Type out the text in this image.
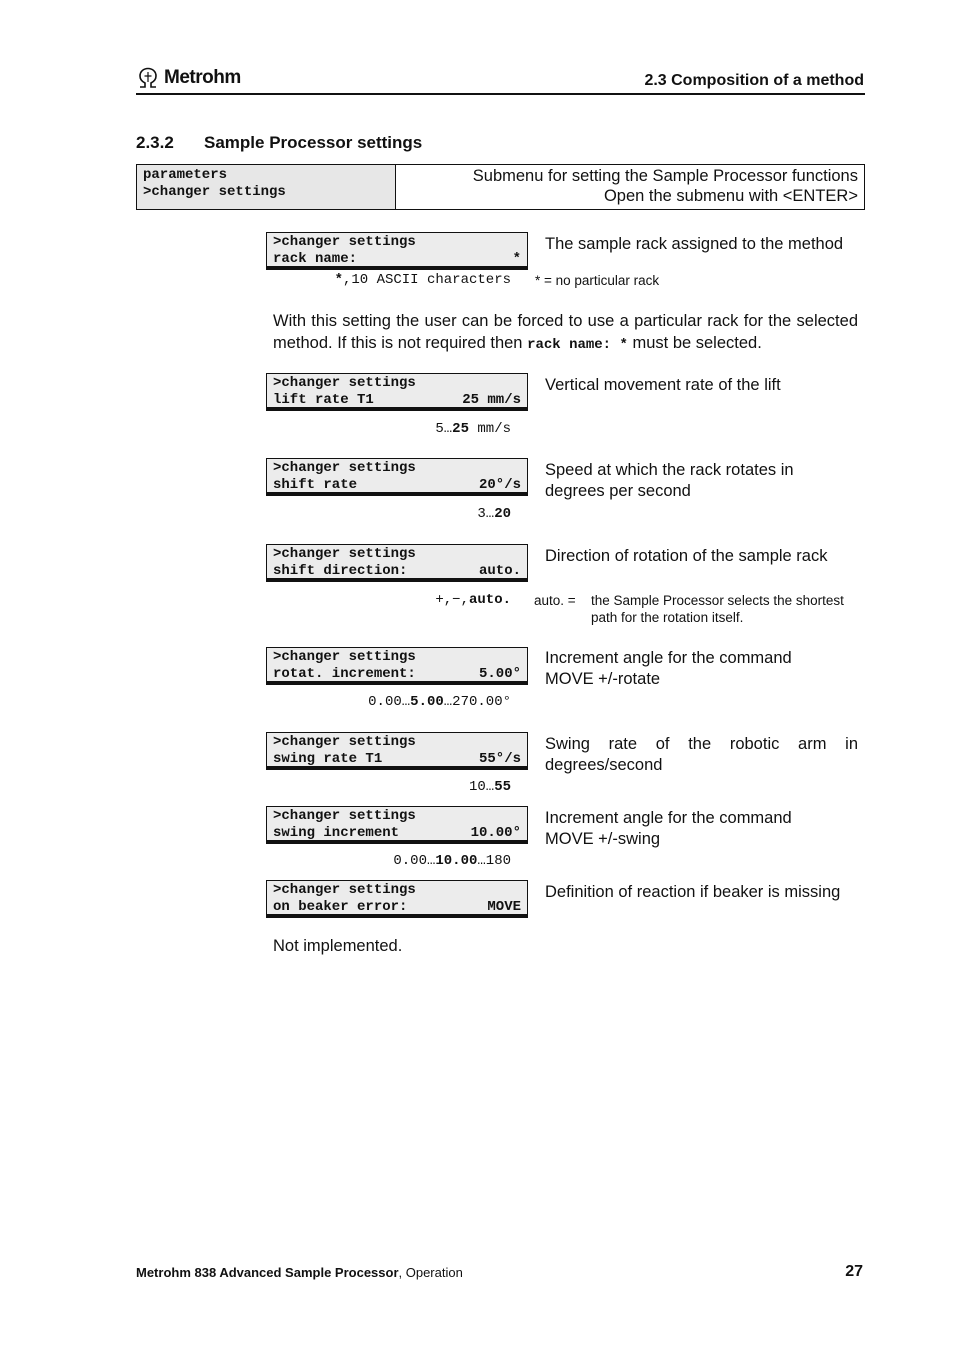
Metrohm	2.3 Composition of a method
2.3.2 Sample Processor settings
parameters
>changer settings
Submenu for setting the Sample Processor functions
Open the submenu with <ENTER>
>changer settings
rack name:	*
*,10 ASCII characters
The sample rack assigned to the method
* = no particular rack
With this setting the user can be forced to use a particular rack for the selected method. If this is not required then rack name: * must be selected.
>changer settings
lift rate T1	25 mm/s
5…25 mm/s
Vertical movement rate of the lift
>changer settings
shift rate	20°/s
3…20
Speed at which the rack rotates in degrees per second
>changer settings
shift direction:	auto.
+,−,auto.
Direction of rotation of the sample rack
auto. =	the Sample Processor selects the shortest path for the rotation itself.
>changer settings
rotat. increment:	5.00°
0.00…5.00…270.00°
Increment angle for the command MOVE +/-rotate
>changer settings
swing rate T1	55°/s
10…55
Swing rate of the robotic arm in degrees/second
>changer settings
swing increment	10.00°
0.00…10.00…180
Increment angle for the command MOVE +/-swing
>changer settings
on beaker error:	MOVE
Definition of reaction if beaker is missing
Not implemented.
Metrohm 838 Advanced Sample Processor, Operation	27
